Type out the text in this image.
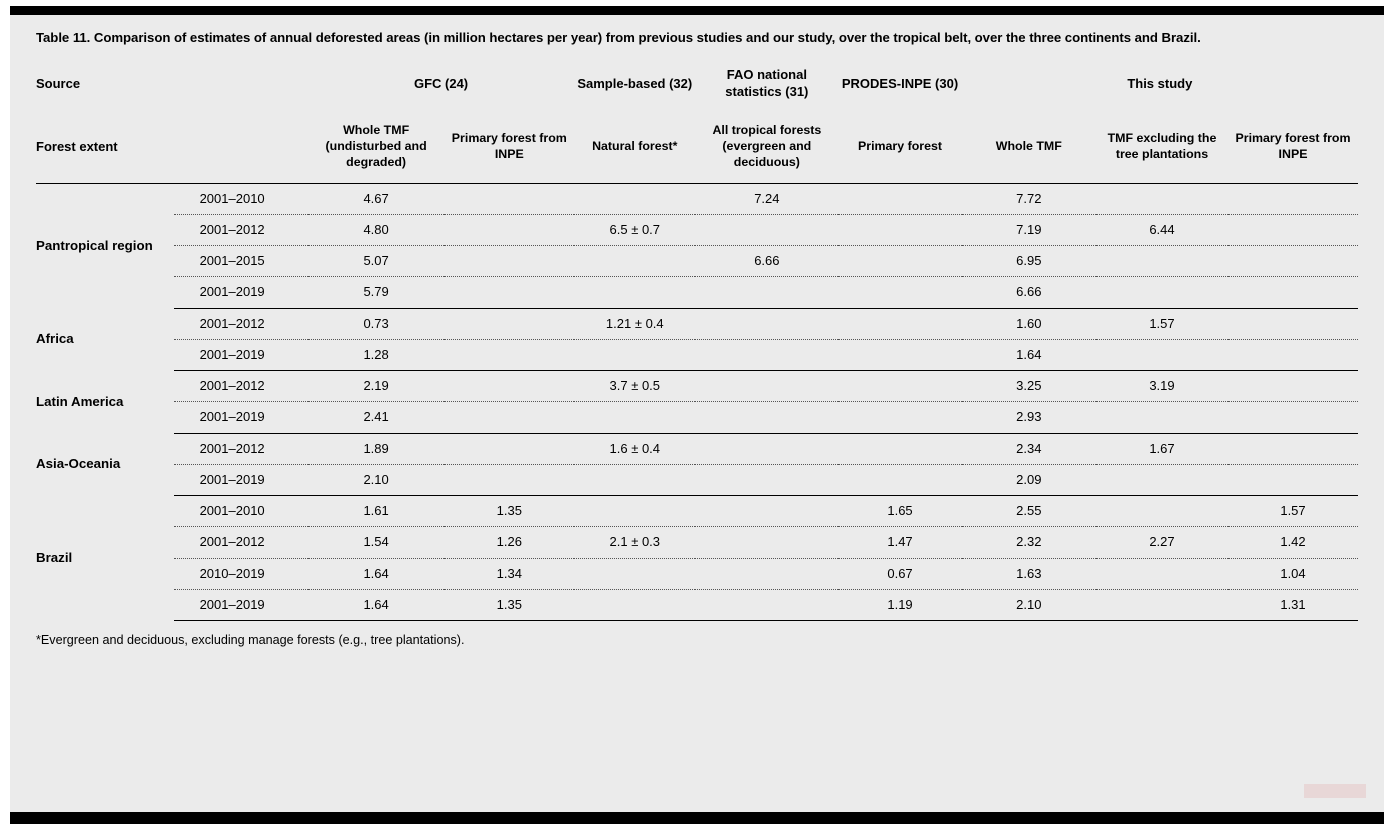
Table 11. Comparison of estimates of annual deforested areas (in million hectares per year) from previous studies and our study, over the tropical belt, over the three continents and Brazil.
Source		GFC (24)		Sample-based (32)	FAO national statistics (31)	PRODES-INPE (30)	This study		
Forest extent		Whole TMF (undisturbed and degraded)	Primary forest from INPE	Natural forest*	All tropical forests (evergreen and deciduous)	Primary forest	Whole TMF	TMF excluding the tree plantations	Primary forest from INPE

Pantropical region	2001–2010	4.67			7.24		7.72		
	2001–2012	4.80		6.5 ± 0.7			7.19	6.44	
	2001–2015	5.07			6.66		6.95		
	2001–2019	5.79					6.66		
Africa	2001–2012	0.73		1.21 ± 0.4			1.60	1.57	
	2001–2019	1.28					1.64		
Latin America	2001–2012	2.19		3.7 ± 0.5			3.25	3.19	
	2001–2019	2.41					2.93		
Asia-Oceania	2001–2012	1.89		1.6 ± 0.4			2.34	1.67	
	2001–2019	2.10					2.09		
Brazil	2001–2010	1.61	1.35			1.65	2.55		1.57
	2001–2012	1.54	1.26	2.1 ± 0.3		1.47	2.32	2.27	1.42
	2010–2019	1.64	1.34			0.67	1.63		1.04
	2001–2019	1.64	1.35			1.19	2.10		1.31
*Evergreen and deciduous, excluding manage forests (e.g., tree plantations).
